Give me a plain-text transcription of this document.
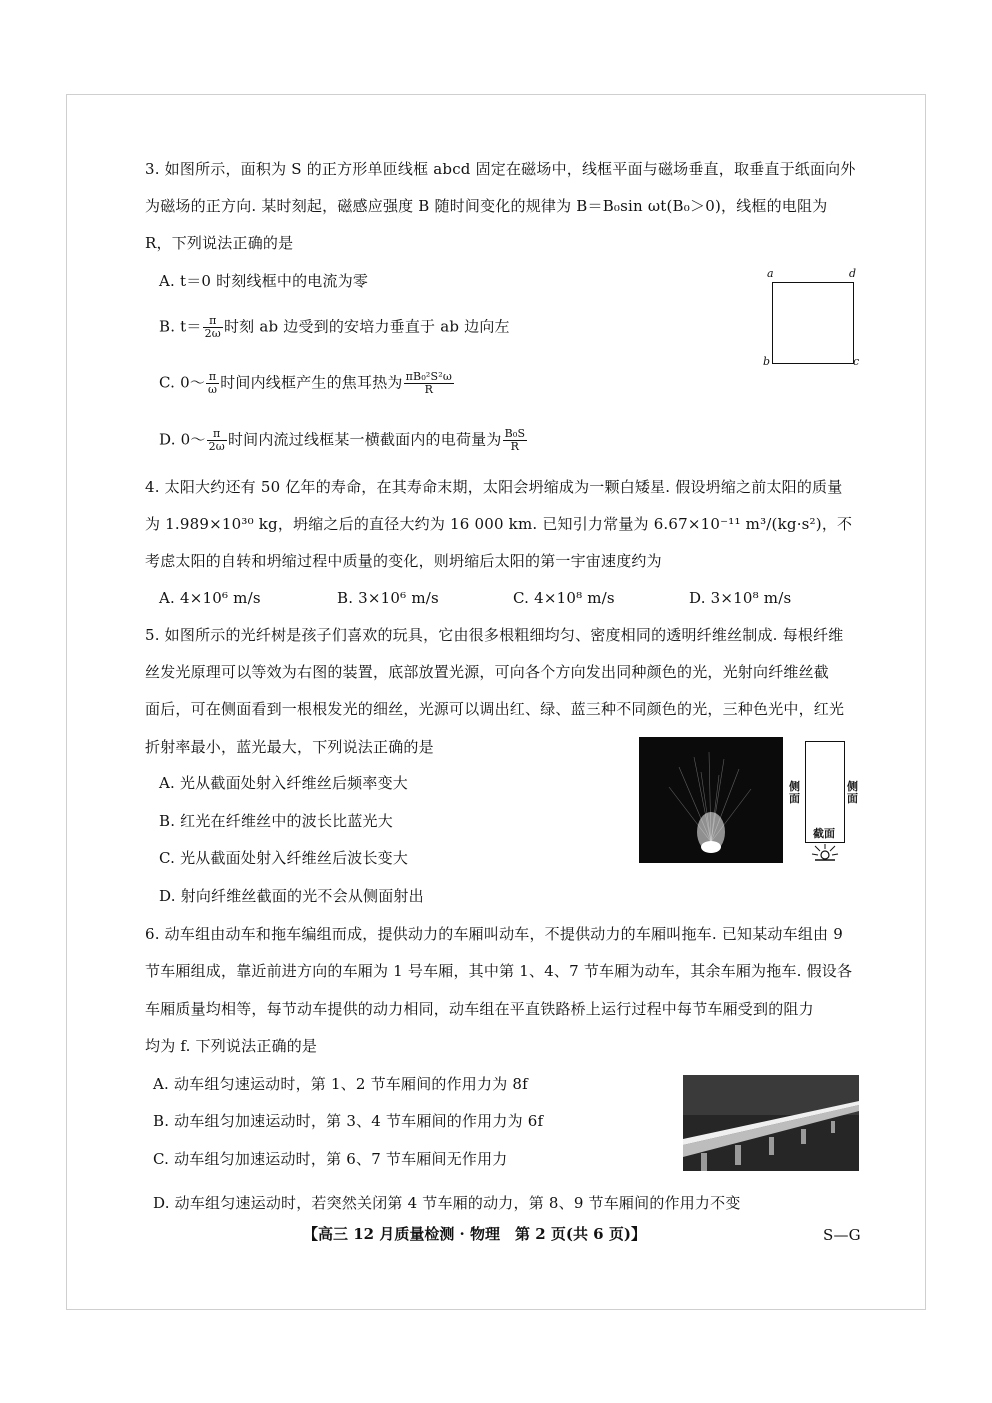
3. 如图所示，面积为 S 的正方形单匝线框 abcd 固定在磁场中，线框平面与磁场垂直，取垂直于纸面向外
为磁场的正方向. 某时刻起，磁感应强度 B 随时间变化的规律为 B＝B₀sin ωt(B₀＞0)，线框的电阻为
R，下列说法正确的是
A. t＝0 时刻线框中的电流为零
B. $t= \frac{\pi}{2\omega}$ 时刻 ab 边受到的安培力垂直于 ab 边向左
C. 0～ $\frac{\pi}{\omega}$ 时间内线框产生的焦耳热为 $\frac{\text{πB₀²S²ω}}{R}$
D. 0～ $\frac{\pi}{2\omega}$ 时间内流过线框某一横截面内的电荷量为 $\frac{\text{B₀S}}{R}$
a	d
b	c
4. 太阳大约还有 50 亿年的寿命，在其寿命末期，太阳会坍缩成为一颗白矮星. 假设坍缩之前太阳的质量
为 1.989×10³⁰ kg，坍缩之后的直径大约为 16 000 km. 已知引力常量为 6.67×10⁻¹¹ m³/(kg·s²)，不
考虑太阳的自转和坍缩过程中质量的变化，则坍缩后太阳的第一宇宙速度约为
A. 4×10⁶ m/s	B. 3×10⁶ m/s	C. 4×10⁸ m/s	D. 3×10⁸ m/s
5. 如图所示的光纤树是孩子们喜欢的玩具，它由很多根粗细均匀、密度相同的透明纤维丝制成. 每根纤维
丝发光原理可以等效为右图的装置，底部放置光源，可向各个方向发出同种颜色的光，光射向纤维丝截
面后，可在侧面看到一根根发光的细丝，光源可以调出红、绿、蓝三种不同颜色的光，三种色光中，红光
折射率最小，蓝光最大，下列说法正确的是
A. 光从截面处射入纤维丝后频率变大
B. 红光在纤维丝中的波长比蓝光大
C. 光从截面处射入纤维丝后波长变大
D. 射向纤维丝截面的光不会从侧面射出
侧面
侧面
截面
6. 动车组由动车和拖车编组而成，提供动力的车厢叫动车，不提供动力的车厢叫拖车. 已知某动车组由 9
节车厢组成，靠近前进方向的车厢为 1 号车厢，其中第 1、4、7 节车厢为动车，其余车厢为拖车. 假设各
车厢质量均相等，每节动车提供的动力相同，动车组在平直铁路桥上运行过程中每节车厢受到的阻力
均为 f. 下列说法正确的是
A. 动车组匀速运动时，第 1、2 节车厢间的作用力为 8f
B. 动车组匀加速运动时，第 3、4 节车厢间的作用力为 6f
C. 动车组匀加速运动时，第 6、7 节车厢间无作用力
D. 动车组匀速运动时，若突然关闭第 4 节车厢的动力，第 8、9 节车厢间的作用力不变
【高三 12 月质量检测 · 物理　第 2 页(共 6 页)】	S—G
